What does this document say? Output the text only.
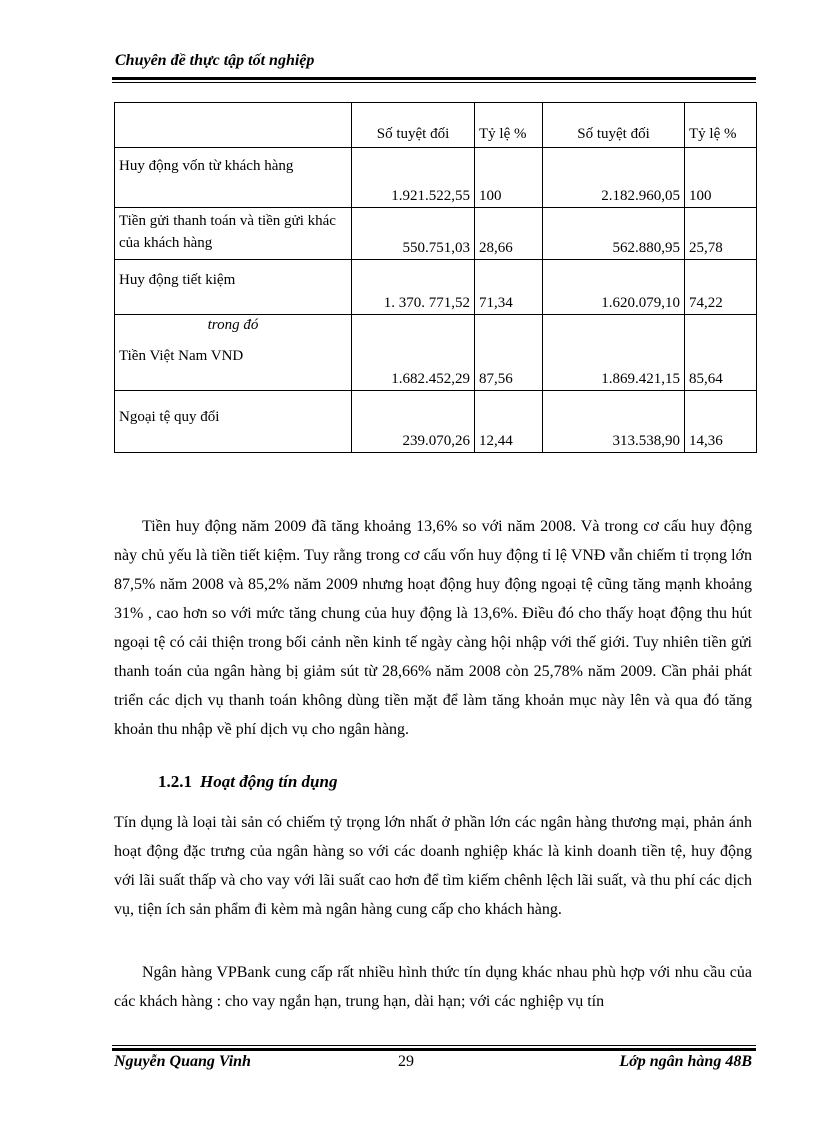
Chuyên đề thực tập tốt nghiệp
	Số tuyệt đối	Tỷ lệ %	Số tuyệt đối	Tỷ lệ %
Huy động vốn từ khách hàng	1.921.522,55	100	2.182.960,05	100
Tiền gửi thanh toán và tiền gửi khác của khách hàng	550.751,03	28,66	562.880,95	25,78
Huy động tiết kiệm	1. 370. 771,52	71,34	1.620.079,10	74,22

trong đó
Tiền Việt Nam VND	1.682.452,29	87,56	1.869.421,15	85,64
Ngoại tệ quy đổi	239.070,26	12,44	313.538,90	14,36

Tiền huy động năm 2009 đã tăng khoảng 13,6% so với năm 2008. Và trong cơ cấu huy động này chủ yếu là tiền tiết kiệm. Tuy rằng trong cơ cấu vốn huy động tỉ lệ VNĐ vẫn chiếm tỉ trọng lớn 87,5% năm 2008 và 85,2% năm 2009 nhưng hoạt động huy động ngoại tệ cũng tăng mạnh khoảng 31% , cao hơn so với mức tăng chung của huy động là 13,6%. Điều đó cho thấy hoạt động thu hút ngoại tệ có cải thiện trong bối cảnh nền kinh tế ngày càng hội nhập với thế giới. Tuy nhiên tiền gửi thanh toán của ngân hàng bị giảm sút từ 28,66% năm 2008 còn 25,78% năm 2009. Cần phải phát triển các dịch vụ thanh toán không dùng tiền mặt để làm tăng khoản mục này lên và qua đó tăng khoản thu nhập về phí dịch vụ cho ngân hàng.

1.2.1 Hoạt động tín dụng

Tín dụng là loại tài sản có chiếm tỷ trọng lớn nhất ở phần lớn các ngân hàng thương mại, phản ánh hoạt động đặc trưng của ngân hàng so với các doanh nghiệp khác là kinh doanh tiền tệ, huy động với lãi suất thấp và cho vay với lãi suất cao hơn để tìm kiếm chênh lệch lãi suất, và thu phí các dịch vụ, tiện ích sản phẩm đi kèm mà ngân hàng cung cấp cho khách hàng.

Ngân hàng VPBank cung cấp rất nhiều hình thức tín dụng khác nhau phù hợp với nhu cầu của các khách hàng : cho vay ngắn hạn, trung hạn, dài hạn; với các nghiệp vụ tín

Nguyễn Quang Vinh	29	Lớp ngân hàng 48B
